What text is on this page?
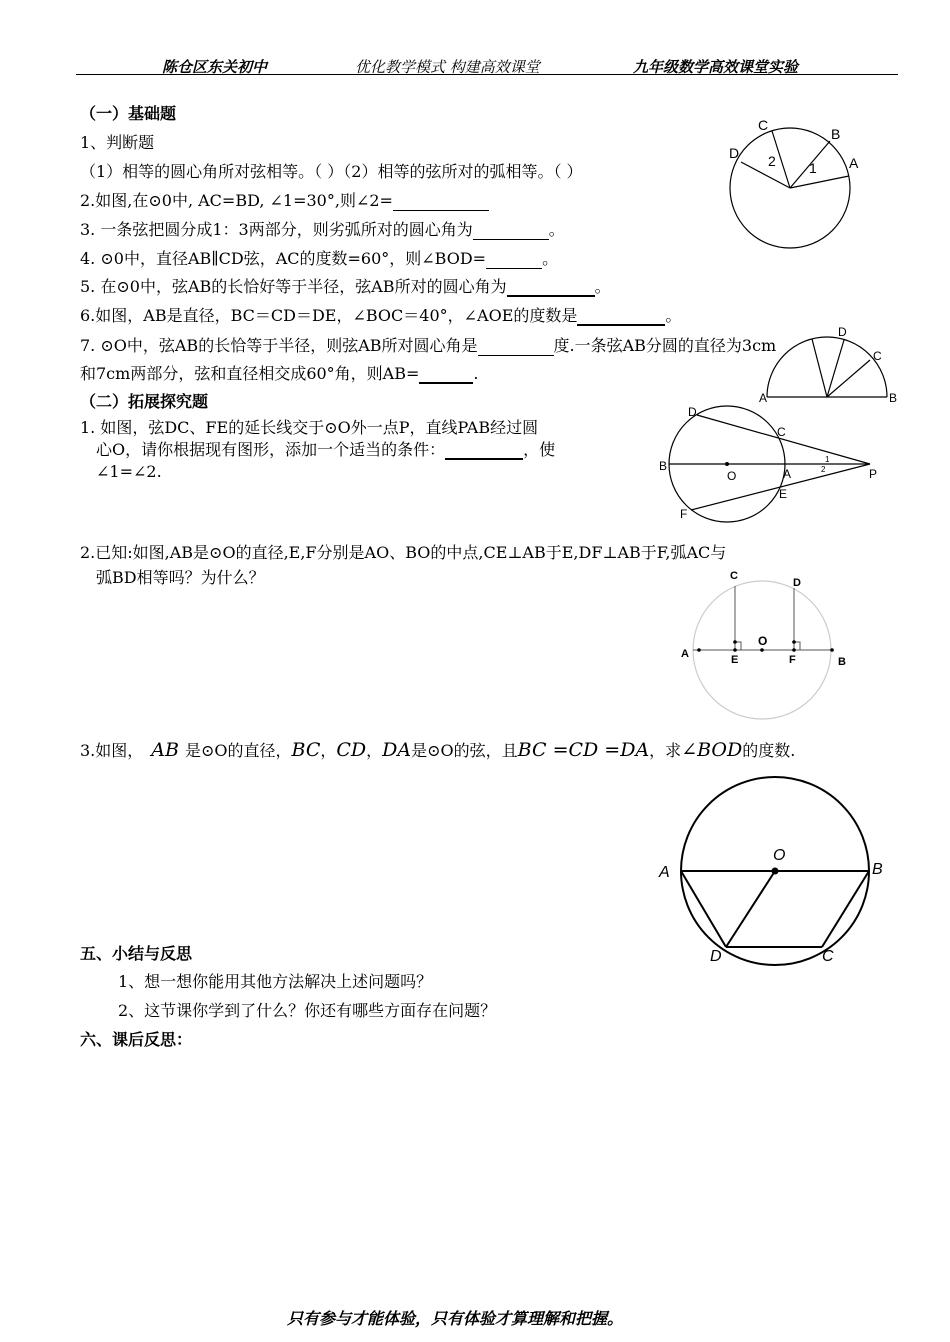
陈仓区东关初中	优化教学模式 构建高效课堂	九年级数学高效课堂实验
（一）基础题
1、判断题
（1）相等的圆心角所对弦相等。（ ）（2）相等的弦所对的弧相等。（ ）
2.如图,在⊙0中, AC=BD, ∠1=30°,则∠2=
3. 一条弦把圆分成1：3两部分，则劣弧所对的圆心角为	。
4. ⊙0中，直径AB∥CD弦，AC的度数=60°，则∠BOD=	。
5. 在⊙0中，弦AB的长恰好等于半径，弦AB所对的圆心角为	。
6.如图，AB是直径，BC＝CD＝DE，∠BOC＝40°，∠AOE的度数是	。
7. ⊙O中，弦AB的长恰等于半径，则弦AB所对圆心角是	度.一条弦AB分圆的直径为3cm
和7cm两部分，弦和直径相交成60°角，则AB=	.
D
C
B
A
1
2
A	B
C
D
（二）拓展探究题
1. 如图，弦DC、FE的延长线交于⊙O外一点P，直线PAB经过圆
心O，请你根据现有图形，添加一个适当的条件：	，使
∠1=∠2.
D
C
B
O	A	P
E
F
1
2
2.已知:如图,AB是⊙O的直径,E,F分别是AO、BO的中点,CE⊥AB于E,DF⊥AB于F,弧AC与
弧BD相等吗？为什么？	C
D
O
A	E	F	B
3.如图， AB 是⊙O的直径，BC，CD，DA是⊙O的弦，且BC =CD =DA，求∠BOD的度数.
O
A	B
D	C
五、小结与反思
1、想一想你能用其他方法解决上述问题吗？
2、这节课你学到了什么？你还有哪些方面存在问题？
六、课后反思：
只有参与才能体验，只有体验才算理解和把握。
